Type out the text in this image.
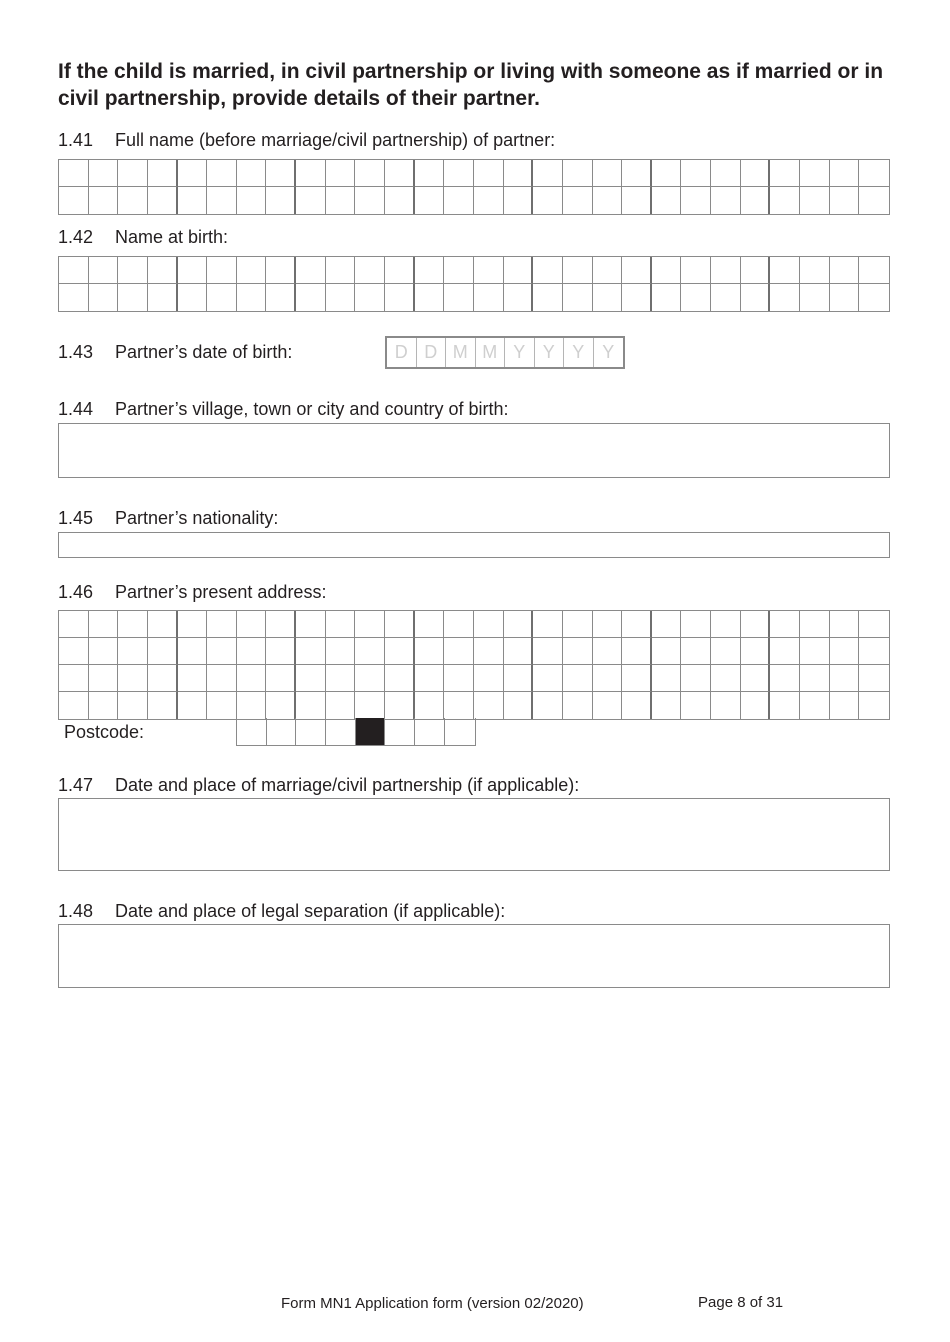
If the child is married, in civil partnership or living with someone as if married or in civil partnership, provide details of their partner.
1.41 Full name (before marriage/civil partnership) of partner:
1.42 Name at birth:
1.43 Partner’s date of birth:	D D M M Y Y Y Y
1.44 Partner’s village, town or city and country of birth:
1.45 Partner’s nationality:
1.46 Partner’s present address:
Postcode:
1.47 Date and place of marriage/civil partnership (if applicable):
1.48 Date and place of legal separation (if applicable):
Form MN1 Application form (version 02/2020)	Page 8 of 31
